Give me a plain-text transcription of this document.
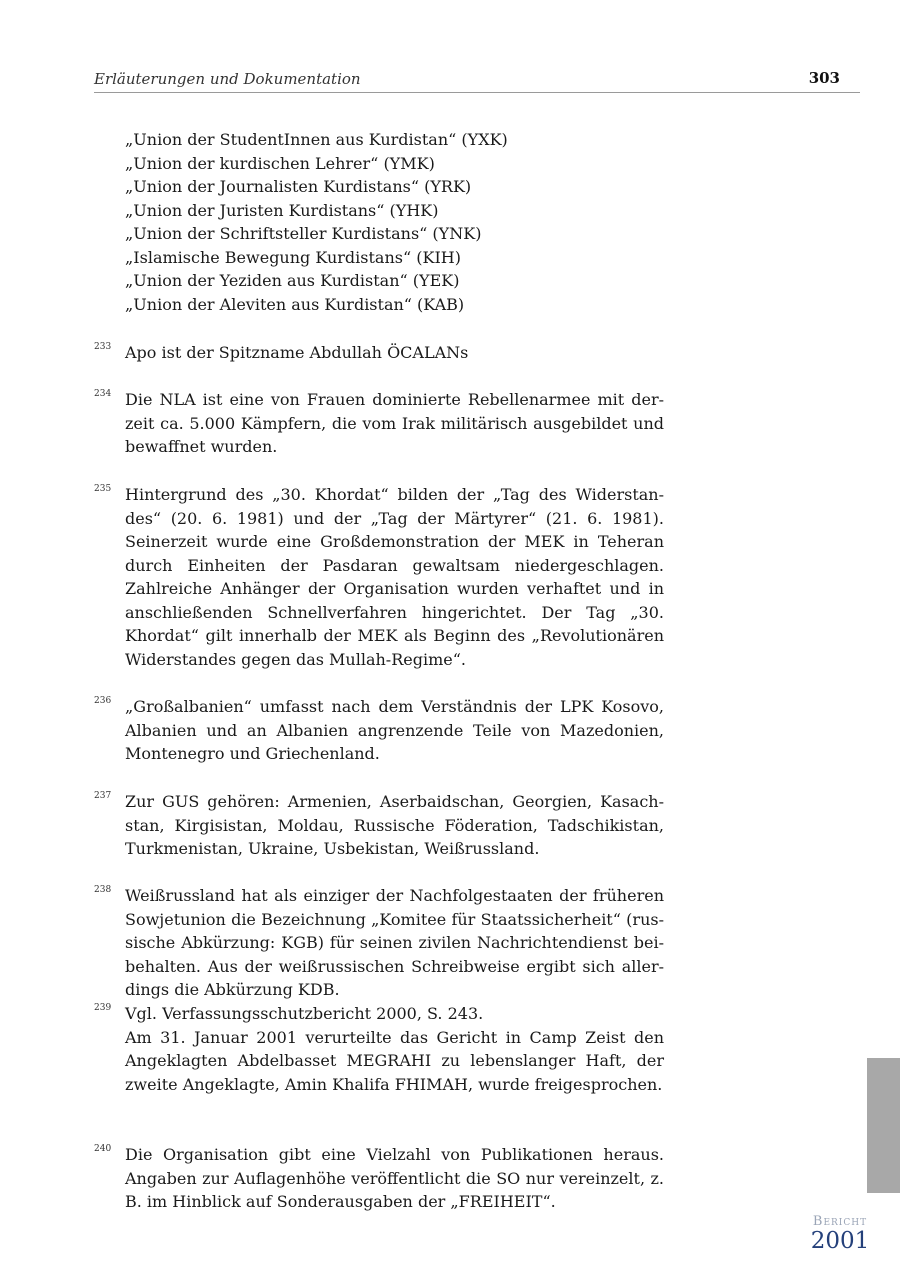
Erläuterungen und Dokumentation	303
„Union der StudentInnen aus Kurdistan“ (YXK)
„Union der kurdischen Lehrer“ (YMK)
„Union der Journalisten Kurdistans“ (YRK)
„Union der Juristen Kurdistans“ (YHK)
„Union der Schriftsteller Kurdistans“ (YNK)
„Islamische Bewegung Kurdistans“ (KIH)
„Union der Yeziden aus Kurdistan“ (YEK)
„Union der Aleviten aus Kurdistan“ (KAB)
233 Apo ist der Spitzname Abdullah ÖCALANs

234 Die NLA ist eine von Frauen dominierte Rebellenarmee mit derzeit ca. 5.000 Kämpfern, die vom Irak militärisch ausgebildet und bewaffnet wurden.

235 Hintergrund des „30. Khordat“ bilden der „Tag des Widerstandes“ (20. 6. 1981) und der „Tag der Märtyrer“ (21. 6. 1981). Seinerzeit wurde eine Großdemonstration der MEK in Teheran durch Einheiten der Pasdaran gewaltsam niedergeschlagen. Zahlreiche Anhänger der Organisation wurden verhaftet und in anschließenden Schnellverfahren hingerichtet. Der Tag „30. Khordat“ gilt innerhalb der MEK als Beginn des „Revolutionären Widerstandes gegen das Mullah-Regime“.

236 „Großalbanien“ umfasst nach dem Verständnis der LPK Kosovo, Albanien und an Albanien angrenzende Teile von Mazedonien, Montenegro und Griechenland.

237 Zur GUS gehören: Armenien, Aserbaidschan, Georgien, Kasachstan, Kirgisistan, Moldau, Russische Föderation, Tadschikistan, Turkmenistan, Ukraine, Usbekistan, Weißrussland.

238 Weißrussland hat als einziger der Nachfolgestaaten der früheren Sowjetunion die Bezeichnung „Komitee für Staatssicherheit“ (russische Abkürzung: KGB) für seinen zivilen Nachrichtendienst beibehalten. Aus der weißrussischen Schreibweise ergibt sich allerdings die Abkürzung KDB.

239 Vgl. Verfassungsschutzbericht 2000, S. 243.

Am 31. Januar 2001 verurteilte das Gericht in Camp Zeist den Angeklagten Abdelbasset MEGRAHI zu lebenslanger Haft, der zweite Angeklagte, Amin Khalifa FHIMAH, wurde freigesprochen.

240 Die Organisation gibt eine Vielzahl von Publikationen heraus. Angaben zur Auflagenhöhe veröffentlicht die SO nur vereinzelt, z. B. im Hinblick auf Sonderausgaben der „FREIHEIT“.

Bericht
2001
